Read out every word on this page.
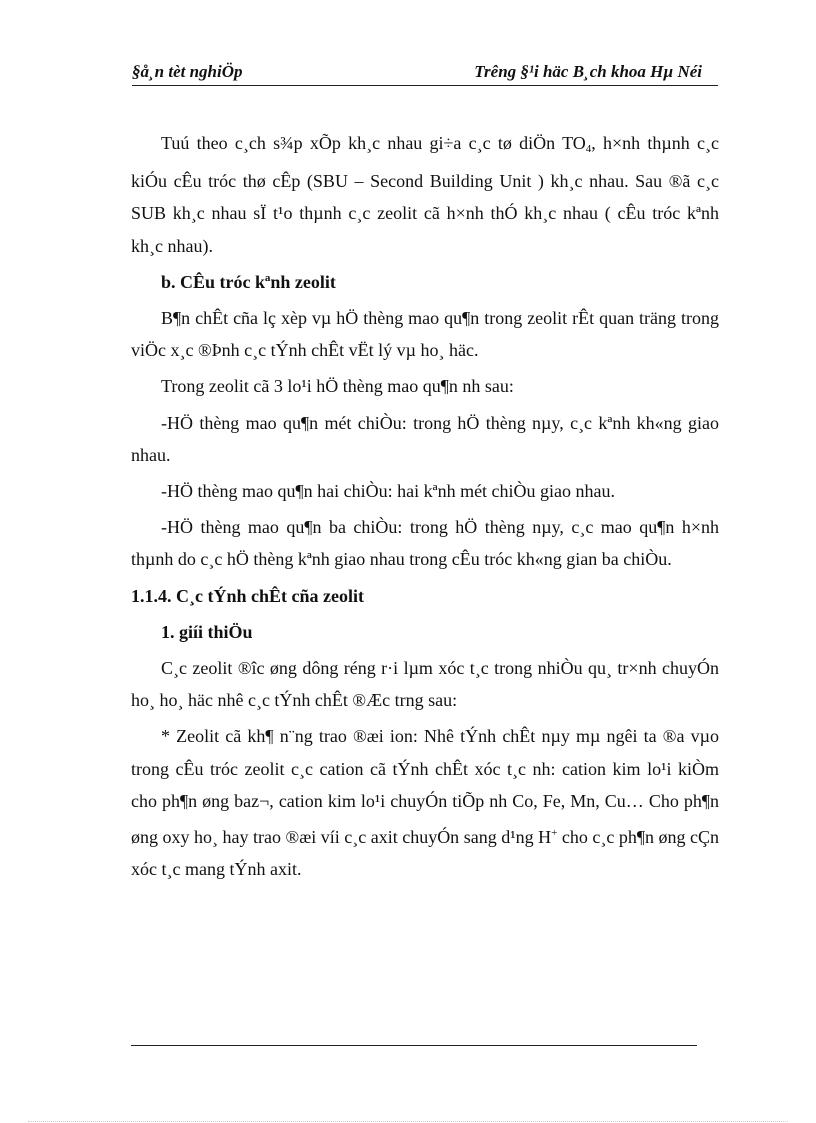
§å¸n tèt nghiÖp	Trêng §¹i häc B¸ch khoa Hµ Néi

Tuú theo c¸ch s¾p xÕp kh¸c nhau gi÷a c¸c tø diÖn $TO_4$, h×nh thµnh c¸c kiÓu cÊu tróc thø cÊp (SBU – Second Building Unit ) kh¸c nhau. Sau ®ã c¸c SUB kh¸c nhau sÏ t¹o thµnh c¸c zeolit cã h×nh thÓ kh¸c nhau ( cÊu tróc kªnh kh¸c nhau).

b. CÊu tróc kªnh zeolit

B¶n chÊt cña lç xèp vµ hÖ thèng mao qu¶n trong zeolit rÊt quan träng trong viÖc x¸c ®Þnh c¸c tÝnh chÊt vËt lý vµ ho¸ häc.

Trong zeolit cã 3 lo¹i hÖ thèng mao qu¶n nh sau:

-HÖ thèng mao qu¶n mét chiÒu: trong hÖ thèng nµy, c¸c kªnh kh«ng giao nhau.

-HÖ thèng mao qu¶n hai chiÒu: hai kªnh mét chiÒu giao nhau.

-HÖ thèng mao qu¶n ba chiÒu: trong hÖ thèng nµy, c¸c mao qu¶n h×nh thµnh do c¸c hÖ thèng kªnh giao nhau trong cÊu tróc kh«ng gian ba chiÒu.

1.1.4. C¸c tÝnh chÊt cña zeolit
1. giíi thiÖu

C¸c zeolit ®îc øng dông réng r·i lµm xóc t¸c trong nhiÒu qu¸ tr×nh chuyÓn ho¸ ho¸ häc nhê c¸c tÝnh chÊt ®Æc trng sau:

* Zeolit cã kh¶ n¨ng trao ®æi ion: Nhê tÝnh chÊt nµy mµ ngêi ta ®a vµo trong cÊu tróc zeolit c¸c cation cã tÝnh chÊt xóc t¸c nh: cation kim lo¹i kiÒm cho ph¶n øng baz¬, cation kim lo¹i chuyÓn tiÕp nh Co, Fe, Mn, Cu… Cho ph¶n øng oxy ho¸ hay trao ®æi víi c¸c axit chuyÓn sang d¹ng H+ cho c¸c ph¶n øng cÇn xóc t¸c mang tÝnh axit.
